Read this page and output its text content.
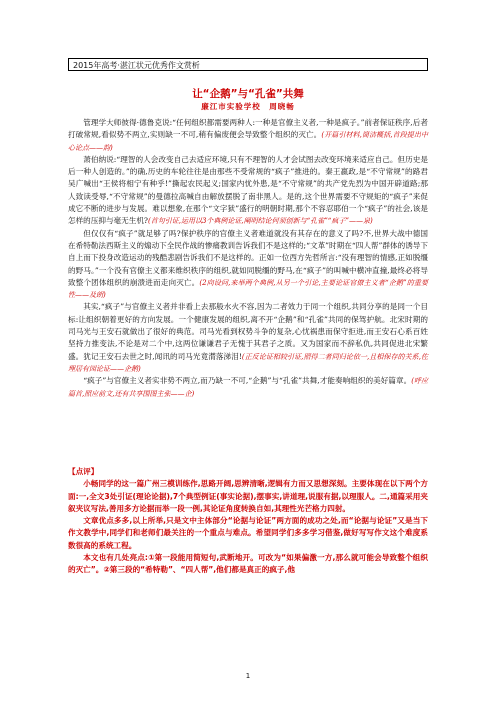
2015年高考·湛江状元优秀作文赏析
让“企鹅”与“孔雀”共舞
廉江市实验学校　周晓畅

管理学大师彼得·德鲁克说:“任何组织都需要两种人:一种是官僚主义者,一种是疯子。”前者保证秩序,后者打破常规,看似势不两立,实则缺一不可,稍有偏废便会导致整个组织的灭亡。(开篇引材料,简洁概括,首段提出中心论点——韵)

萧伯纳说:“理智的人会改变自己去适应环境,只有不理智的人才会试图去改变环境来适应自己。但历史是后一种人创造的。”的确,历史的车轮往往是由那些不受常规的“疯子”推进的。秦王嬴政,是“不守常规”的路君吴广喊出“王侯将相宁有种乎!”撕起农民起义;国家内忧外患,是“不守常规”的共产党先烈为中国开辟道路;那人致读受辱,“不守常规”的曼德拉高喊自由解放摆脱了南非黑人。是的,这个世界需要不守规矩的“疯子”来促成它不断的进步与发展。难以想象,在那个“文字狱”盛行的明朝时期,那个不容忍耶伯一个“疯子”的社会,该是怎样的压抑与毫无生机?(首句引证,运用以3个典例论证,阐明结论何须创新与“孔雀”“疯子”——泉)

但仅仅有“疯子”就足够了吗?保护秩序的官僚主义者难道就没有其存在的意义了吗?不,世界大战中德国在希特勒法西斯主义的煽动下全民作战的惨痛教训告诉我们不是这样的;“文革”时期在“四人帮”群体的诱导下自上而下投身改造运动的残酷悲剧告诉我们不是这样的。正如一位西方先哲所言:“没有理智的情感,正如脱缰的野马。”一个没有官僚主义都来维织秩序的组织,就如同脱缰的野马,在“疯子”的叫喊中横冲直撞,最终必将导致整个团体组织的崩溃进而走向灭亡。(2向设问,来举两个典例,从另一个引论,主要论证官僚主义者“企鹅”的重要性——及朗)

其实,“疯子”与官僚主义者并非看上去那般水火不容,因为二者效力于同一个组织,共同分享的是同一个目标:让组织朝着更好的方向发展。一个健康发展的组织,离不开“企鹅”和“孔雀”共同的保驾护航。北宋时期的司马光与王安石就做出了很好的典范。司马光看到权势斗争的复杂,心忧祸患而保守拒进,而王安石心系百姓坚持力推变法,不论是对二个中,这两位谦谦君子无愧于其君子之质。又为国家而不辞私仇,共同促进北宋繁盛。犹记王安石去世之时,闻讯的司马光竟潸落涕泪!(正反论证相较引证,照得二者同归论依一,且相保存的关系,佐理居有园论证——企鹅)

“疯子”与官僚主义者实非势不两立,而乃缺一不可,“企鹅”与“孔雀”共舞,才能奏响组织的美好篇章。(呼应篇首,照应前文,还有共享围图主张——企)

【点评】

小畅同学的这一篇广州三模训练作,思路开阔,思辨清晰,逻辑有力而又思想深刻。主要体现在以下两个方面:一,全文3处引证(理论论据),7个典型例证(事实论据),摆事实,讲道理,说服有据,以理服人。二,通篇采用夹叙夹议写法,善用多方论据而举一段一例,其论证角度转换自如,其理性光芒格力四射。

文章优点多多,以上所举,只是文中主体部分“论据与论证”两方面的成功之处,而“论据与论证”又是当下作文教学中,同学们和老师们最关注的一个重点与难点。希望同学们多多学习借鉴,做好写写作文这个难度系数很高的系统工程。

本文也有几处亮点:①第一段能用简短句,武断地开。可改为“如果偏激一方,那么就可能会导致整个组织的灭亡”。②第三段的“希特勒”、“四人帮”,他们都是真正的疯子,他

1
